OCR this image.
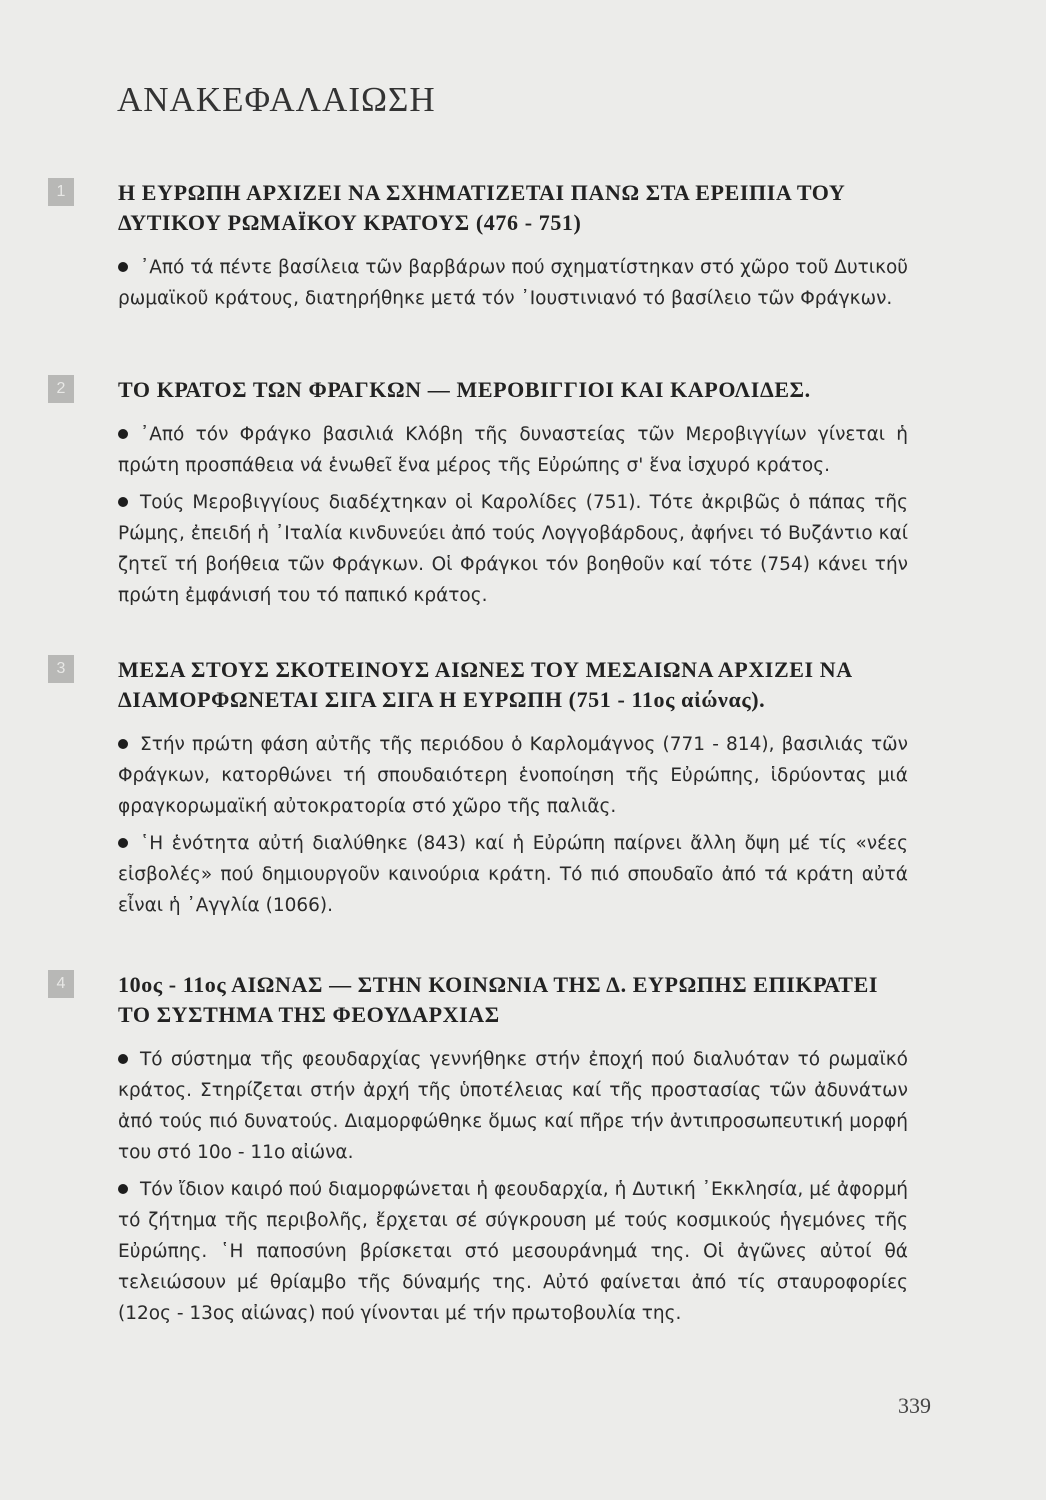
ΑΝΑΚΕΦΑΛΑΙΩΣΗ
1	Η ΕΥΡΩΠΗ ΑΡΧΙΖΕΙ ΝΑ ΣΧΗΜΑΤΙΖΕΤΑΙ ΠΑΝΩ ΣΤΑ ΕΡΕΙΠΙΑ ΤΟΥ ΔΥΤΙΚΟΥ ΡΩΜΑΪΚΟΥ ΚΡΑΤΟΥΣ (476 - 751)

᾿Από τά πέντε βασίλεια τῶν βαρβάρων πού σχηματίστηκαν στό χῶρο τοῦ Δυτικοῦ ρωμαϊκοῦ κράτους, διατηρήθηκε μετά τόν ᾿Ιουστινιανό τό βασίλειο τῶν Φράγκων.

2	ΤΟ ΚΡΑΤΟΣ ΤΩΝ ΦΡΑΓΚΩΝ — ΜΕΡΟΒΙΓΓΙΟΙ ΚΑΙ ΚΑΡΟΛΙΔΕΣ.

᾿Από τόν Φράγκο βασιλιά Κλόβη τῆς δυναστείας τῶν Μεροβιγγίων γίνεται ἡ πρώτη προσπάθεια νά ἑνωθεῖ ἕνα μέρος τῆς Εὐρώπης σ' ἕνα ἰσχυρό κράτος.

Τούς Μεροβιγγίους διαδέχτηκαν οἱ Καρολίδες (751). Τότε ἀκριβῶς ὁ πάπας τῆς Ρώμης, ἐπειδή ἡ ᾿Ιταλία κινδυνεύει ἀπό τούς Λογγοβάρδους, ἀφήνει τό Βυζάντιο καί ζητεῖ τή βοήθεια τῶν Φράγκων. Οἱ Φράγκοι τόν βοηθοῦν καί τότε (754) κάνει τήν πρώτη ἐμφάνισή του τό παπικό κράτος.

3	ΜΕΣΑ ΣΤΟΥΣ ΣΚΟΤΕΙΝΟΥΣ ΑΙΩΝΕΣ ΤΟΥ ΜΕΣΑΙΩΝΑ ΑΡΧΙΖΕΙ ΝΑ ΔΙΑΜΟΡΦΩΝΕΤΑΙ ΣΙΓΑ ΣΙΓΑ Η ΕΥΡΩΠΗ (751 - 11ος αἰώνας).

Στήν πρώτη φάση αὐτῆς τῆς περιόδου ὁ Καρλομάγνος (771 - 814), βασιλιάς τῶν Φράγκων, κατορθώνει τή σπουδαιότερη ἑνοποίηση τῆς Εὐρώπης, ἱδρύοντας μιά φραγκορωμαϊκή αὐτοκρατορία στό χῶρο τῆς παλιᾶς.

῾Η ἑνότητα αὐτή διαλύθηκε (843) καί ἡ Εὐρώπη παίρνει ἄλλη ὄψη μέ τίς «νέες εἰσβολές» πού δημιουργοῦν καινούρια κράτη. Τό πιό σπουδαῖο ἀπό τά κράτη αὐτά εἶναι ἡ ᾿Αγγλία (1066).

4	10ος - 11ος ΑΙΩΝΑΣ — ΣΤΗΝ ΚΟΙΝΩΝΙΑ ΤΗΣ Δ. ΕΥΡΩΠΗΣ ΕΠΙΚΡΑΤΕΙ ΤΟ ΣΥΣΤΗΜΑ ΤΗΣ ΦΕΟΥΔΑΡΧΙΑΣ

Τό σύστημα τῆς φεουδαρχίας γεννήθηκε στήν ἐποχή πού διαλυόταν τό ρωμαϊκό κράτος. Στηρίζεται στήν ἀρχή τῆς ὑποτέλειας καί τῆς προστασίας τῶν ἀδυνάτων ἀπό τούς πιό δυνατούς. Διαμορφώθηκε ὅμως καί πῆρε τήν ἀντιπροσωπευτική μορφή του στό 10ο - 11ο αἰώνα.

Τόν ἴδιον καιρό πού διαμορφώνεται ἡ φεουδαρχία, ἡ Δυτική ᾿Εκκλησία, μέ ἀφορμή τό ζήτημα τῆς περιβολῆς, ἔρχεται σέ σύγκρουση μέ τούς κοσμικούς ἡγεμόνες τῆς Εὐρώπης. ῾Η παποσύνη βρίσκεται στό μεσουράνημά της. Οἱ ἀγῶνες αὐτοί θά τελειώσουν μέ θρίαμβο τῆς δύναμής της. Αὐτό φαίνεται ἀπό τίς σταυροφορίες (12ος - 13ος αἰώνας) πού γίνονται μέ τήν πρωτοβουλία της.

339
